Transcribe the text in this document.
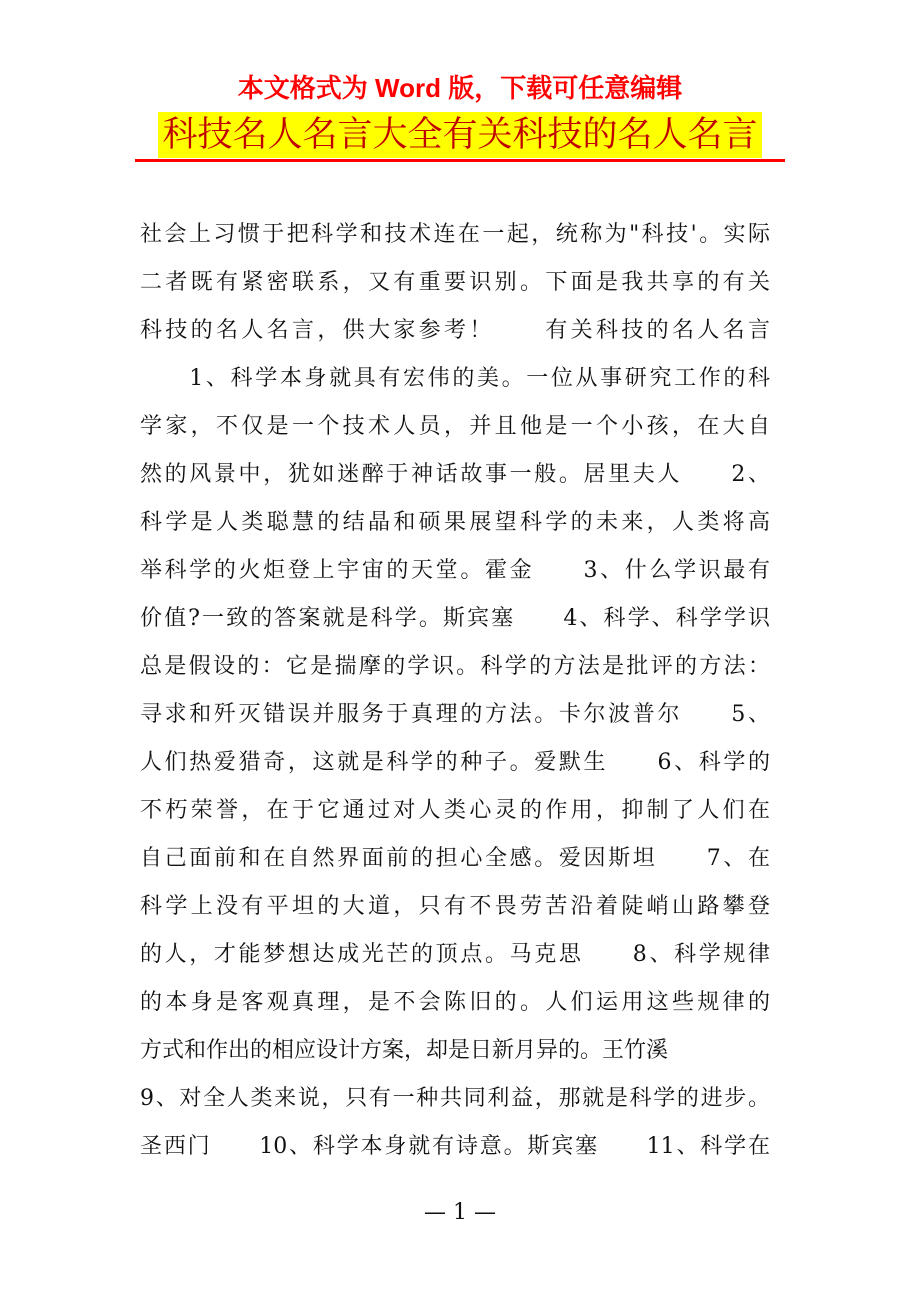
本文格式为 Word 版，下载可任意编辑
科技名人名言大全有关科技的名人名言
社会上习惯于把科学和技术连在一起，统称为"科技'。实际
二者既有紧密联系，又有重要识别。下面是我共享的有关
科技的名人名言，供大家参考！　　有关科技的名人名言
　　1、科学本身就具有宏伟的美。一位从事研究工作的科
学家，不仅是一个技术人员，并且他是一个小孩，在大自
然的风景中，犹如迷醉于神话故事一般。居里夫人　　2、
科学是人类聪慧的结晶和硕果展望科学的未来，人类将高
举科学的火炬登上宇宙的天堂。霍金　　3、什么学识最有
价值?一致的答案就是科学。斯宾塞　　4、科学、科学学识
总是假设的：它是揣摩的学识。科学的方法是批评的方法：
寻求和歼灭错误并服务于真理的方法。卡尔波普尔　　5、
人们热爱猎奇，这就是科学的种子。爱默生　　6、科学的
不朽荣誉，在于它通过对人类心灵的作用，抑制了人们在
自己面前和在自然界面前的担心全感。爱因斯坦　　7、在
科学上没有平坦的大道，只有不畏劳苦沿着陡峭山路攀登
的人，才能梦想达成光芒的顶点。马克思　　8、科学规律
的本身是客观真理，是不会陈旧的。人们运用这些规律的
方式和作出的相应设计方案，却是日新月异的。王竹溪
9、对全人类来说，只有一种共同利益，那就是科学的进步。
圣西门　　10、科学本身就有诗意。斯宾塞　　11、科学在
— 1 —
